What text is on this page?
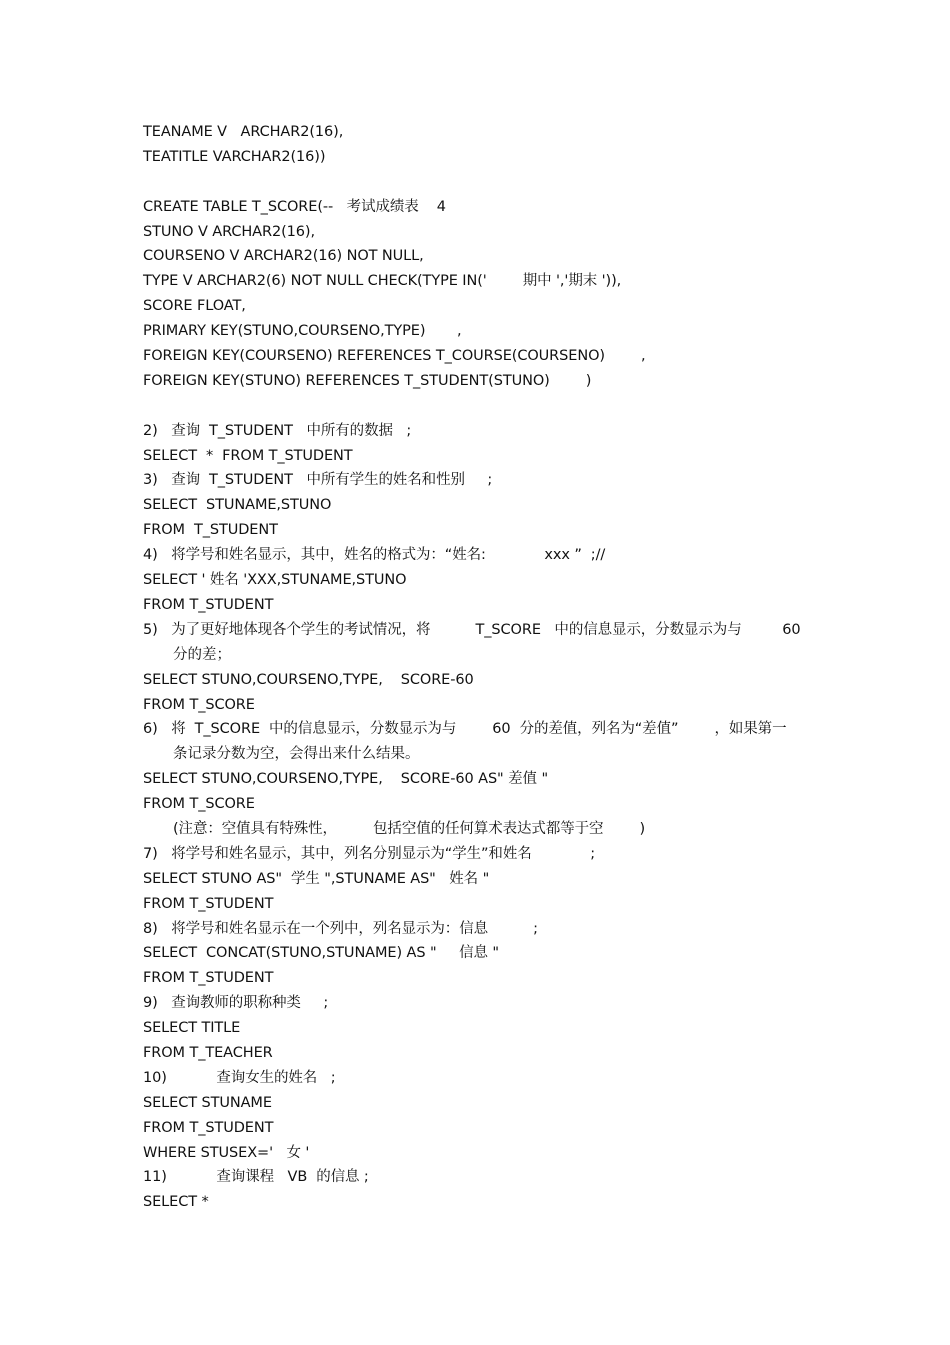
TEANAME V   ARCHAR2(16),
TEATITLE VARCHAR2(16))
CREATE TABLE T_SCORE(--   考试成绩表    4
STUNO V ARCHAR2(16),
COURSENO V ARCHAR2(16) NOT NULL,
TYPE V ARCHAR2(6) NOT NULL CHECK(TYPE IN('        期中 ','期末 ')),
SCORE FLOAT,
PRIMARY KEY(STUNO,COURSENO,TYPE)       ,
FOREIGN KEY(COURSENO) REFERENCES T_COURSE(COURSENO)        ,
FOREIGN KEY(STUNO) REFERENCES T_STUDENT(STUNO)        )
2)   查询  T_STUDENT   中所有的数据   ;
SELECT  *  FROM T_STUDENT
3)   查询  T_STUDENT   中所有学生的姓名和性别     ;
SELECT  STUNAME,STUNO
FROM  T_STUDENT
4)   将学号和姓名显示，其中，姓名的格式为：“姓名:             xxx ”  ;//
SELECT ' 姓名 'XXX,STUNAME,STUNO
FROM T_STUDENT
5)   为了更好地体现各个学生的考试情况，将          T_SCORE   中的信息显示，分数显示为与         60
分的差；
SELECT STUNO,COURSENO,TYPE,    SCORE-60
FROM T_SCORE
6)   将  T_SCORE  中的信息显示，分数显示为与        60  分的差值，列名为“差值”        ，如果第一
条记录分数为空，会得出来什么结果。
SELECT STUNO,COURSENO,TYPE,    SCORE-60 AS" 差值 "
FROM T_SCORE
(注意：空值具有特殊性，        包括空值的任何算术表达式都等于空        )
7)   将学号和姓名显示，其中，列名分别显示为“学生”和姓名             ;
SELECT STUNO AS"  学生 ",STUNAME AS"   姓名 "
FROM T_STUDENT
8)   将学号和姓名显示在一个列中，列名显示为：信息          ;
SELECT  CONCAT(STUNO,STUNAME) AS "     信息 "
FROM T_STUDENT
9)   查询教师的职称种类     ;
SELECT TITLE
FROM T_TEACHER
10)           查询女生的姓名   ;
SELECT STUNAME
FROM T_STUDENT
WHERE STUSEX='   女 '
11)           查询课程   VB  的信息 ;
SELECT *
